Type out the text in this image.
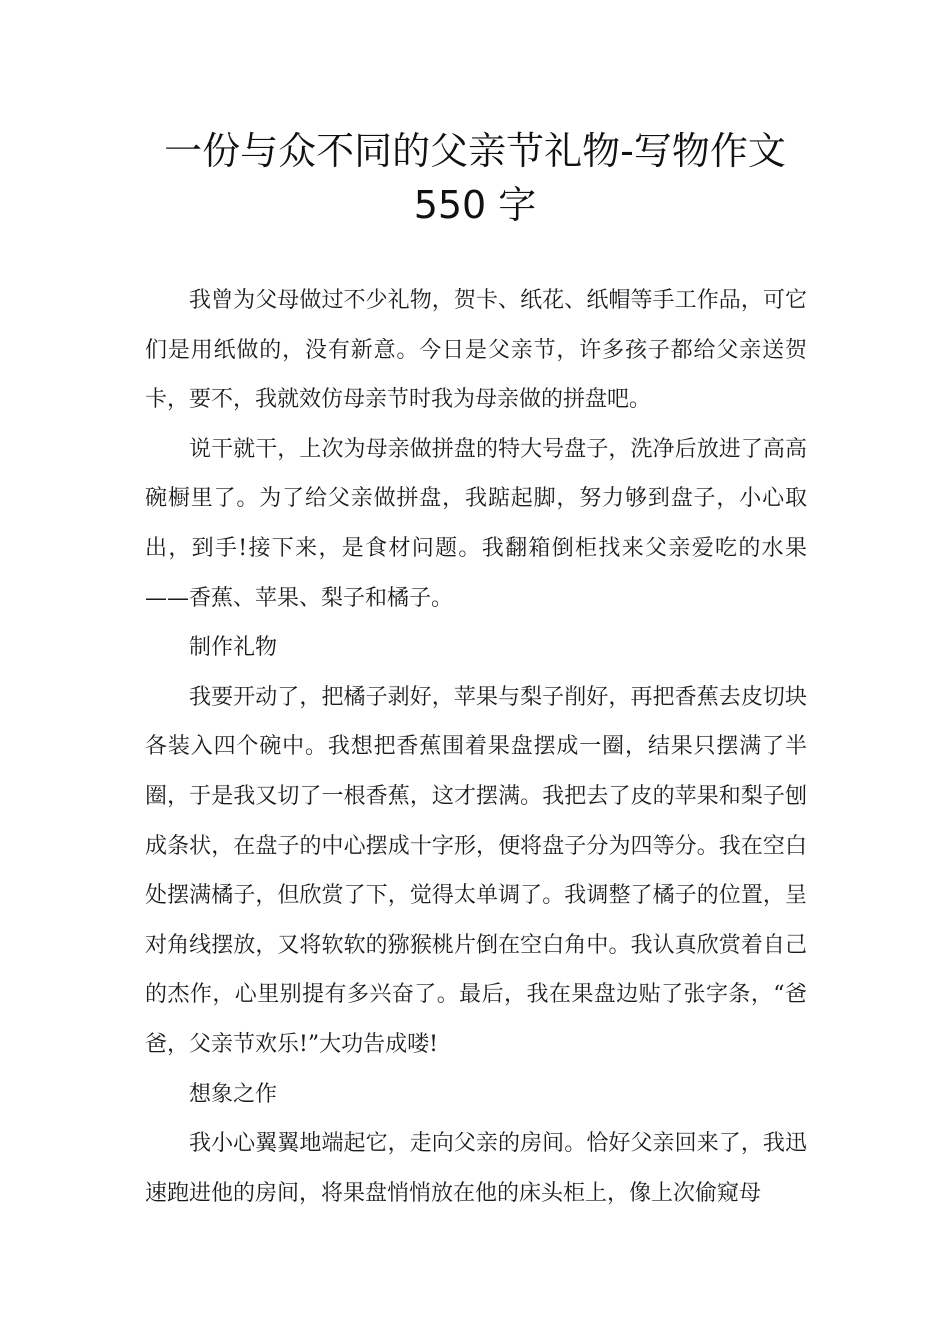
一份与众不同的父亲节礼物-写物作文
550 字

我曾为父母做过不少礼物，贺卡、纸花、纸帽等手工作品，可它们是用纸做的，没有新意。今日是父亲节，许多孩子都给父亲送贺卡，要不，我就效仿母亲节时我为母亲做的拼盘吧。

说干就干，上次为母亲做拼盘的特大号盘子，洗净后放进了高高碗橱里了。为了给父亲做拼盘，我踮起脚，努力够到盘子，小心取出，到手!接下来，是食材问题。我翻箱倒柜找来父亲爱吃的水果——香蕉、苹果、梨子和橘子。

制作礼物

我要开动了，把橘子剥好，苹果与梨子削好，再把香蕉去皮切块各装入四个碗中。我想把香蕉围着果盘摆成一圈，结果只摆满了半圈，于是我又切了一根香蕉，这才摆满。我把去了皮的苹果和梨子刨成条状，在盘子的中心摆成十字形，便将盘子分为四等分。我在空白处摆满橘子，但欣赏了下，觉得太单调了。我调整了橘子的位置，呈对角线摆放，又将软软的猕猴桃片倒在空白角中。我认真欣赏着自己的杰作，心里别提有多兴奋了。最后，我在果盘边贴了张字条，“爸爸，父亲节欢乐!”大功告成喽!

想象之作

我小心翼翼地端起它，走向父亲的房间。恰好父亲回来了，我迅速跑进他的房间，将果盘悄悄放在他的床头柜上，像上次偷窥母
